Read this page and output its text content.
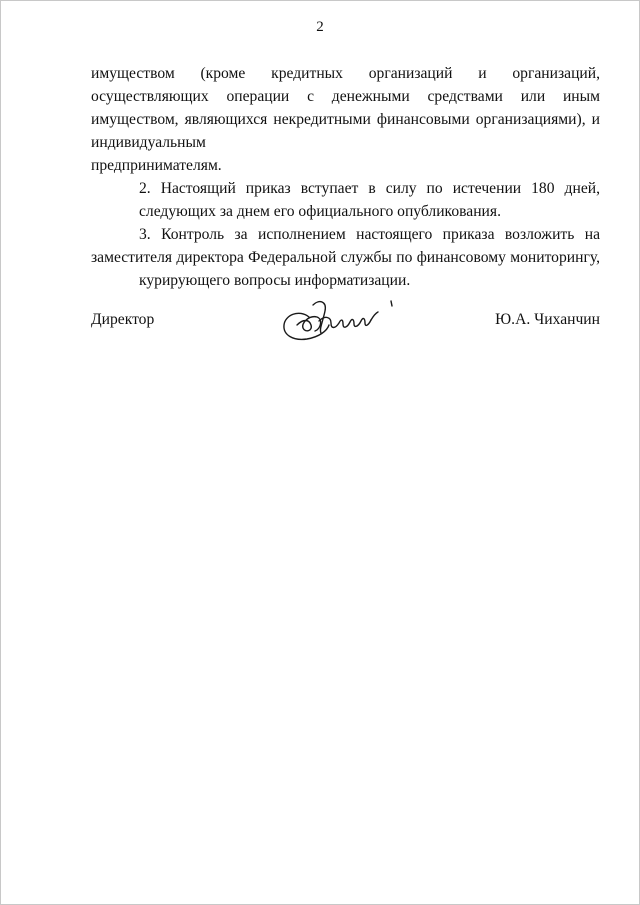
2

имуществом (кроме кредитных организаций и организаций, осуществляющих операции с денежными средствами или иным имуществом, являющихся некредитными финансовыми организациями), и индивидуальным
предпринимателям.

2. Настоящий приказ вступает в силу по истечении 180 дней,
следующих за днем его официального опубликования.

3. Контроль за исполнением настоящего приказа возложить на заместителя директора Федеральной службы по финансовому мониторингу,
курирующего вопросы информатизации.

Директор	Ю.А. Чиханчин
